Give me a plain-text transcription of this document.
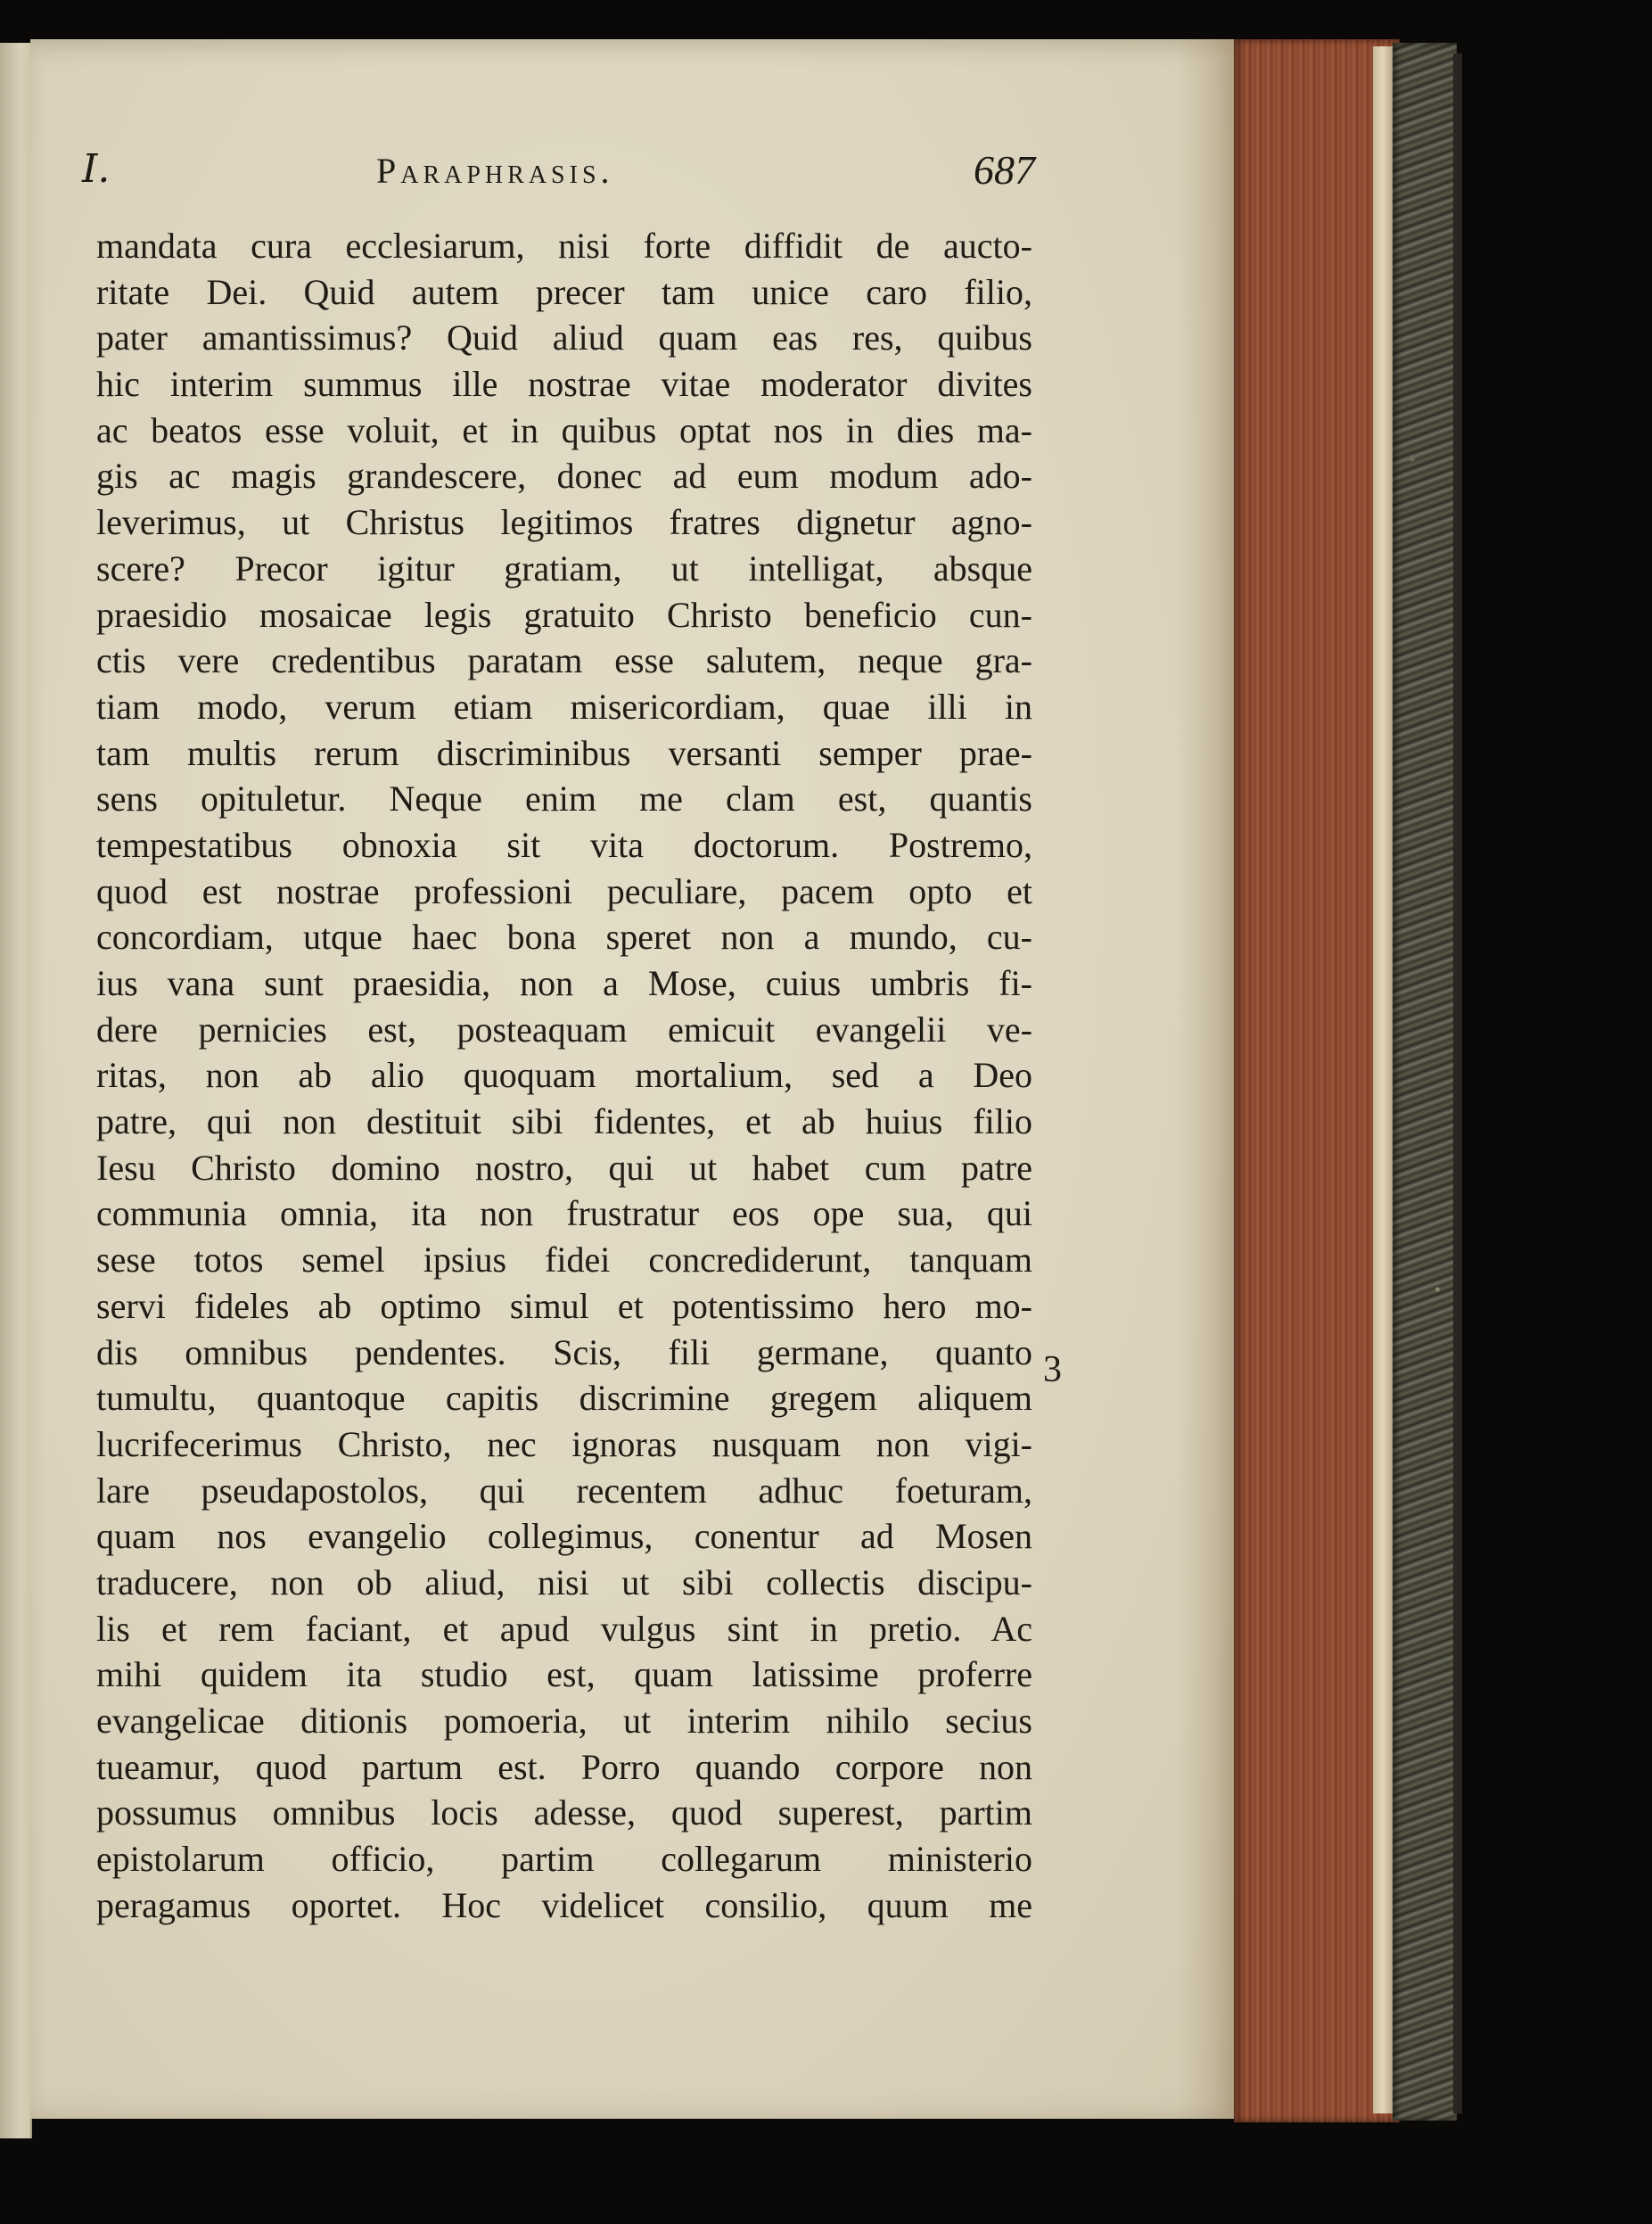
I.	Paraphrasis.	687
mandata cura ecclesiarum, nisi forte diffidit de aucto-
ritate Dei. Quid autem precer tam unice caro filio,
pater amantissimus? Quid aliud quam eas res, quibus
hic interim summus ille nostrae vitae moderator divites
ac beatos esse voluit, et in quibus optat nos in dies ma-
gis ac magis grandescere, donec ad eum modum ado-
leverimus, ut Christus legitimos fratres dignetur agno-
scere? Precor igitur gratiam, ut intelligat, absque
praesidio mosaicae legis gratuito Christo beneficio cun-
ctis vere credentibus paratam esse salutem, neque gra-
tiam modo, verum etiam misericordiam, quae illi in
tam multis rerum discriminibus versanti semper prae-
sens opituletur. Neque enim me clam est, quantis
tempestatibus obnoxia sit vita doctorum. Postremo,
quod est nostrae professioni peculiare, pacem opto et
concordiam, utque haec bona speret non a mundo, cu-
ius vana sunt praesidia, non a Mose, cuius umbris fi-
dere pernicies est, posteaquam emicuit evangelii ve-
ritas, non ab alio quoquam mortalium, sed a Deo
patre, qui non destituit sibi fidentes, et ab huius filio
Iesu Christo domino nostro, qui ut habet cum patre
communia omnia, ita non frustratur eos ope sua, qui
sese totos semel ipsius fidei concrediderunt, tanquam
servi fideles ab optimo simul et potentissimo hero mo-
dis omnibus pendentes. Scis, fili germane, quanto
tumultu, quantoque capitis discrimine gregem aliquem
lucrifecerimus Christo, nec ignoras nusquam non vigi-
lare pseudapostolos, qui recentem adhuc foeturam,
quam nos evangelio collegimus, conentur ad Mosen
traducere, non ob aliud, nisi ut sibi collectis discipu-
lis et rem faciant, et apud vulgus sint in pretio. Ac
mihi quidem ita studio est, quam latissime proferre
evangelicae ditionis pomoeria, ut interim nihilo secius
tueamur, quod partum est. Porro quando corpore non
possumus omnibus locis adesse, quod superest, partim
epistolarum officio, partim collegarum ministerio
peragamus oportet. Hoc videlicet consilio, quum me
3
